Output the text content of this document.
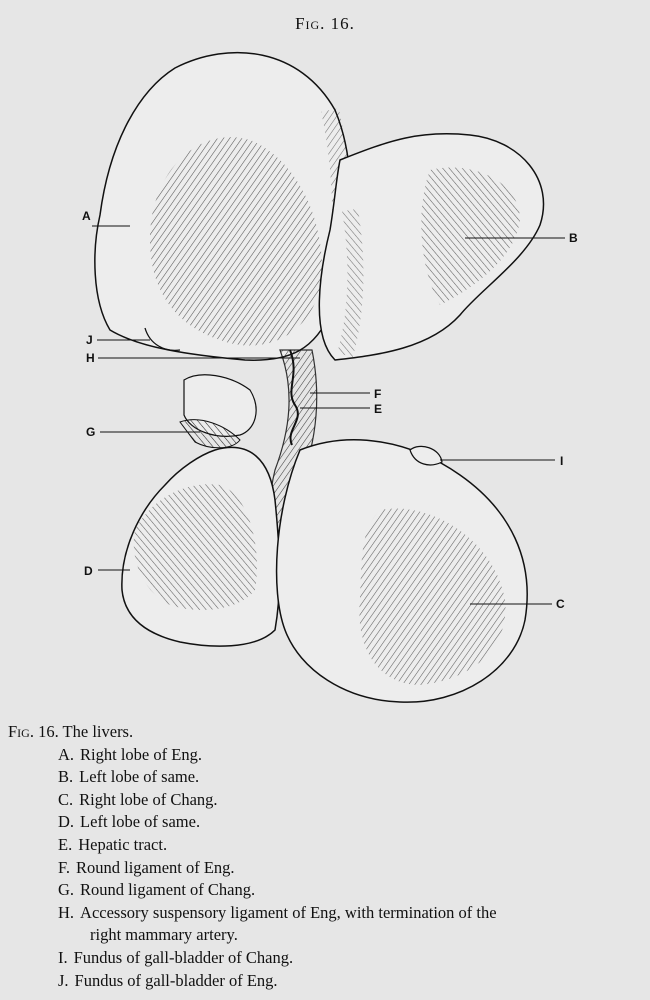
Fig. 16.
A
B
C
D
E
F
G
H
I
J
Fig. 16. The livers.
A. Right lobe of Eng.
B. Left lobe of same.
C. Right lobe of Chang.
D. Left lobe of same.
E. Hepatic tract.
F. Round ligament of Eng.
G. Round ligament of Chang.
H. Accessory suspensory ligament of Eng, with termination of the
right mammary artery.
I. Fundus of gall-bladder of Chang.
J. Fundus of gall-bladder of Eng.
